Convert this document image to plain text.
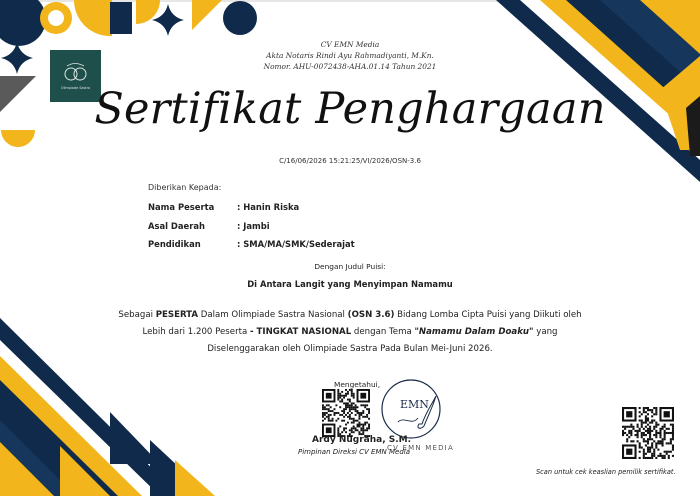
Olimpiade Sastra
CV EMN Media
Akta Notaris Rindi Ayu Rahmadiyanti, M.Kn.
Nomor. AHU-0072438-AHA.01.14 Tahun 2021
Sertifikat Penghargaan
C/16/06/2026 15:21:25/VI/2026/OSN-3.6
Diberikan Kepada:
Nama Peserta	: Hanin Riska
Asal Daerah	: Jambi
Pendidikan	: SMA/MA/SMK/Sederajat
Dengan Judul Puisi:
Di Antara Langit yang Menyimpan Namamu
Sebagai PESERTA Dalam Olimpiade Sastra Nasional (OSN 3.6) Bidang Lomba Cipta Puisi yang Diikuti oleh
Lebih dari 1.200 Peserta - TINGKAT NASIONAL dengan Tema "Namamu Dalam Doaku" yang
Diselenggarakan oleh Olimpiade Sastra Pada Bulan Mei-Juni 2026.
Mengetahui,
EMN
CV EMN MEDIA
Ardy Nugraha, S.M.
Pimpinan Direksi CV EMN Media
Scan untuk cek keaslian pemilik sertifikat.
